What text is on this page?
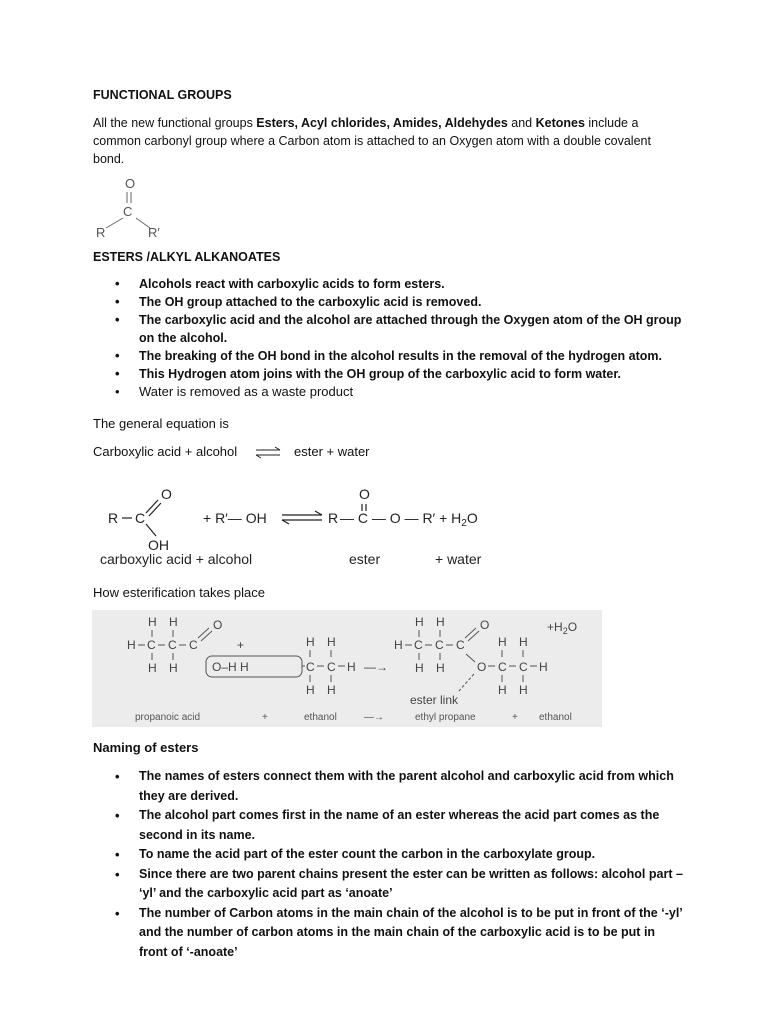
FUNCTIONAL GROUPS
All the new functional groups Esters, Acyl chlorides, Amides, Aldehydes and Ketones include a common carbonyl group where a Carbon atom is attached to an Oxygen atom with a double covalent bond.
O
C
R	R′
ESTERS /ALKYL ALKANOATES
• Alcohols react with carboxylic acids to form esters.
• The OH group attached to the carboxylic acid is removed.
• The carboxylic acid and the alcohol are attached through the Oxygen atom of the OH group on the alcohol.
• The breaking of the OH bond in the alcohol results in the removal of the hydrogen atom.
• This Hydrogen atom joins with the OH group of the carboxylic acid to form water.
• Water is removed as a waste product
The general equation is
Carboxylic acid + alcohol ⇌ ester + water
R C
O
OH
+ R′— OH	R
O
— C — O — $R' + H_2O$
carboxylic acid + alcohol	ester	+ water
How esterification takes place
H H
H C C C
O
H H
+
O–H H
H H
C C H
H H
—→
H H
H C C C
O
H H	O
H H
C C H
H H
ester link
$+H_2O$
propanoic acid	+	ethanol	—→	ethyl propane	+ ethanol
Naming of esters
• The names of esters connect them with the parent alcohol and carboxylic acid from which they are derived.
• The alcohol part comes first in the name of an ester whereas the acid part comes as the second in its name.
• To name the acid part of the ester count the carbon in the carboxylate group.
• Since there are two parent chains present the ester can be written as follows: alcohol part – ‘yl’ and the carboxylic acid part as ‘anoate’
• The number of Carbon atoms in the main chain of the alcohol is to be put in front of the ‘-yl’ and the number of carbon atoms in the main chain of the carboxylic acid is to be put in front of ‘-anoate’
